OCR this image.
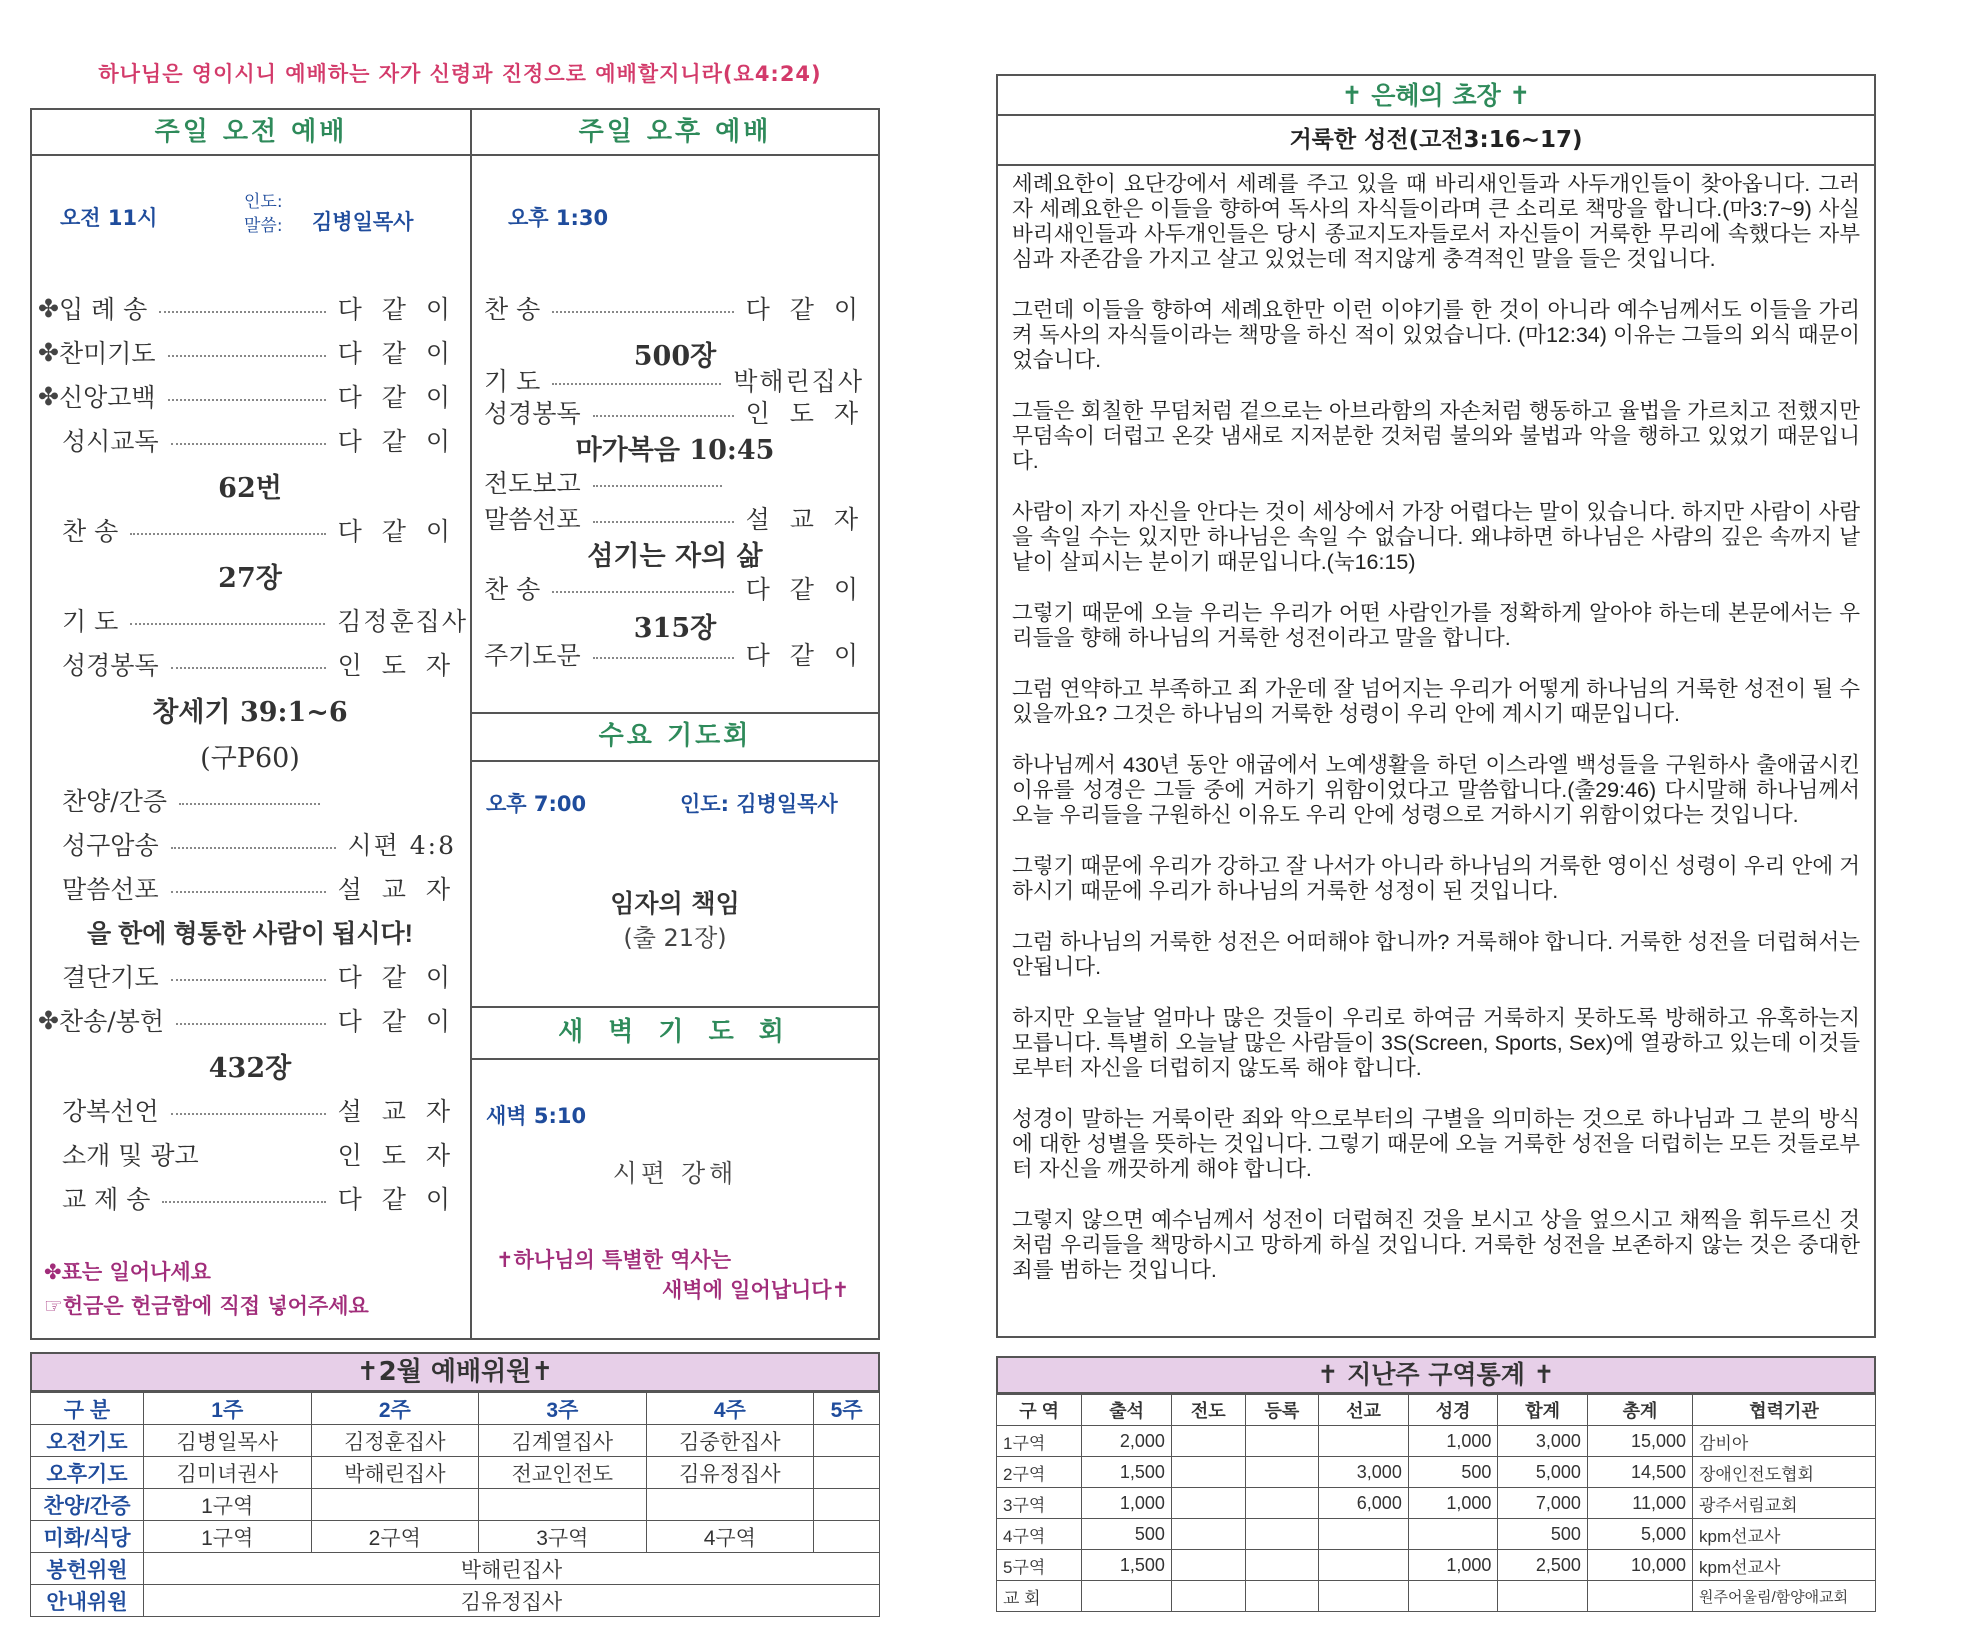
하나님은 영이시니 예배하는 자가 신령과 진정으로 예배할지니라(요4:24)
주일 오전 예배
오전 11시
인도:
말씀: 김병일목사
✤ 입 례 송	다 같 이
✤ 찬미기도	다 같 이
✤ 신앙고백	다 같 이
성시교독	다 같 이
62번
찬 송	다 같 이
27장
기 도	김정훈집사
성경봉독	인 도 자
창세기 39:1~6
(구P60)
찬양/간증
성구암송	시편 4:8
말씀선포	설 교 자
을 한에 형통한 사람이 됩시다!
결단기도	다 같 이
✤ 찬송/봉헌	다 같 이
432장
강복선언	설 교 자
소개 및 광고	인 도 자
교 제 송	다 같 이
✤표는 일어나세요
☞헌금은 헌금함에 직접 넣어주세요
주일 오후 예배
오후 1:30
찬 송	다 같 이
500장
기 도	박해린집사
성경봉독	인 도 자
마가복음 10:45
전도보고
말씀선포	설 교 자
섬기는 자의 삶
찬 송	다 같 이
315장
주기도문	다 같 이
수요 기도회
오후 7:00	인도: 김병일목사
임자의 책임
(출 21장)
새 벽 기 도 회
새벽 5:10
시편 강해
✝하나님의 특별한 역사는
새벽에 일어납니다✝
✝2월 예배위원✝
구 분	1주	2주	3주	4주	5주
오전기도	김병일목사	김정훈집사	김계열집사	김중한집사	
오후기도	김미녀권사	박해린집사	전교인전도	김유정집사	
찬양/간증	1구역				
미화/식당	1구역	2구역	3구역	4구역	
봉헌위원	박해린집사				
안내위원	김유정집사				
✝ 은혜의 초장 ✝
거룩한 성전(고전3:16~17)

세례요한이 요단강에서 세례를 주고 있을 때 바리새인들과 사두개인들이 찾아옵니다. 그러자 세례요한은 이들을 향하여 독사의 자식들이라며 큰 소리로 책망을 합니다.(마3:7~9) 사실 바리새인들과 사두개인들은 당시 종교지도자들로서 자신들이 거룩한 무리에 속했다는 자부심과 자존감을 가지고 살고 있었는데 적지않게 충격적인 말을 들은 것입니다.

그런데 이들을 향하여 세례요한만 이런 이야기를 한 것이 아니라 예수님께서도 이들을 가리켜 독사의 자식들이라는 책망을 하신 적이 있었습니다. (마12:34) 이유는 그들의 외식 때문이었습니다.

그들은 회칠한 무덤처럼 겉으로는 아브라함의 자손처럼 행동하고 율법을 가르치고 전했지만 무덤속이 더럽고 온갖 냄새로 지저분한 것처럼 불의와 불법과 악을 행하고 있었기 때문입니다.

사람이 자기 자신을 안다는 것이 세상에서 가장 어렵다는 말이 있습니다. 하지만 사람이 사람을 속일 수는 있지만 하나님은 속일 수 없습니다. 왜냐하면 하나님은 사람의 깊은 속까지 낱낱이 살피시는 분이기 때문입니다.(눅16:15)

그렇기 때문에 오늘 우리는 우리가 어떤 사람인가를 정확하게 알아야 하는데 본문에서는 우리들을 향해 하나님의 거룩한 성전이라고 말을 합니다.

그럼 연약하고 부족하고 죄 가운데 잘 넘어지는 우리가 어떻게 하나님의 거룩한 성전이 될 수 있을까요? 그것은 하나님의 거룩한 성령이 우리 안에 계시기 때문입니다.

하나님께서 430년 동안 애굽에서 노예생활을 하던 이스라엘 백성들을 구원하사 출애굽시킨 이유를 성경은 그들 중에 거하기 위함이었다고 말씀합니다.(출29:46) 다시말해 하나님께서 오늘 우리들을 구원하신 이유도 우리 안에 성령으로 거하시기 위함이었다는 것입니다.

그렇기 때문에 우리가 강하고 잘 나서가 아니라 하나님의 거룩한 영이신 성령이 우리 안에 거하시기 때문에 우리가 하나님의 거룩한 성정이 된 것입니다.

그럼 하나님의 거룩한 성전은 어떠해야 합니까? 거룩해야 합니다. 거룩한 성전을 더럽혀서는 안됩니다.

하지만 오늘날 얼마나 많은 것들이 우리로 하여금 거룩하지 못하도록 방해하고 유혹하는지 모릅니다. 특별히 오늘날 많은 사람들이 3S(Screen, Sports, Sex)에 열광하고 있는데 이것들로부터 자신을 더럽히지 않도록 해야 합니다.

성경이 말하는 거룩이란 죄와 악으로부터의 구별을 의미하는 것으로 하나님과 그 분의 방식에 대한 성별을 뜻하는 것입니다. 그렇기 때문에 오늘 거룩한 성전을 더럽히는 모든 것들로부터 자신을 깨끗하게 해야 합니다.

그렇지 않으면 예수님께서 성전이 더럽혀진 것을 보시고 상을 엎으시고 채찍을 휘두르신 것처럼 우리들을 책망하시고 망하게 하실 것입니다. 거룩한 성전을 보존하지 않는 것은 중대한 죄를 범하는 것입니다.

✝ 지난주 구역통계 ✝
구 역	출석	전도	등록	선교	성경	합계	총계	협력기관
1구역	2,000				1,000	3,000	15,000	감비아
2구역	1,500			3,000	500	5,000	14,500	장애인전도협회
3구역	1,000			6,000	1,000	7,000	11,000	광주서림교회
4구역	500					500	5,000	kpm선교사
5구역	1,500				1,000	2,500	10,000	kpm선교사
교 회								원주어울림/함양애교회
